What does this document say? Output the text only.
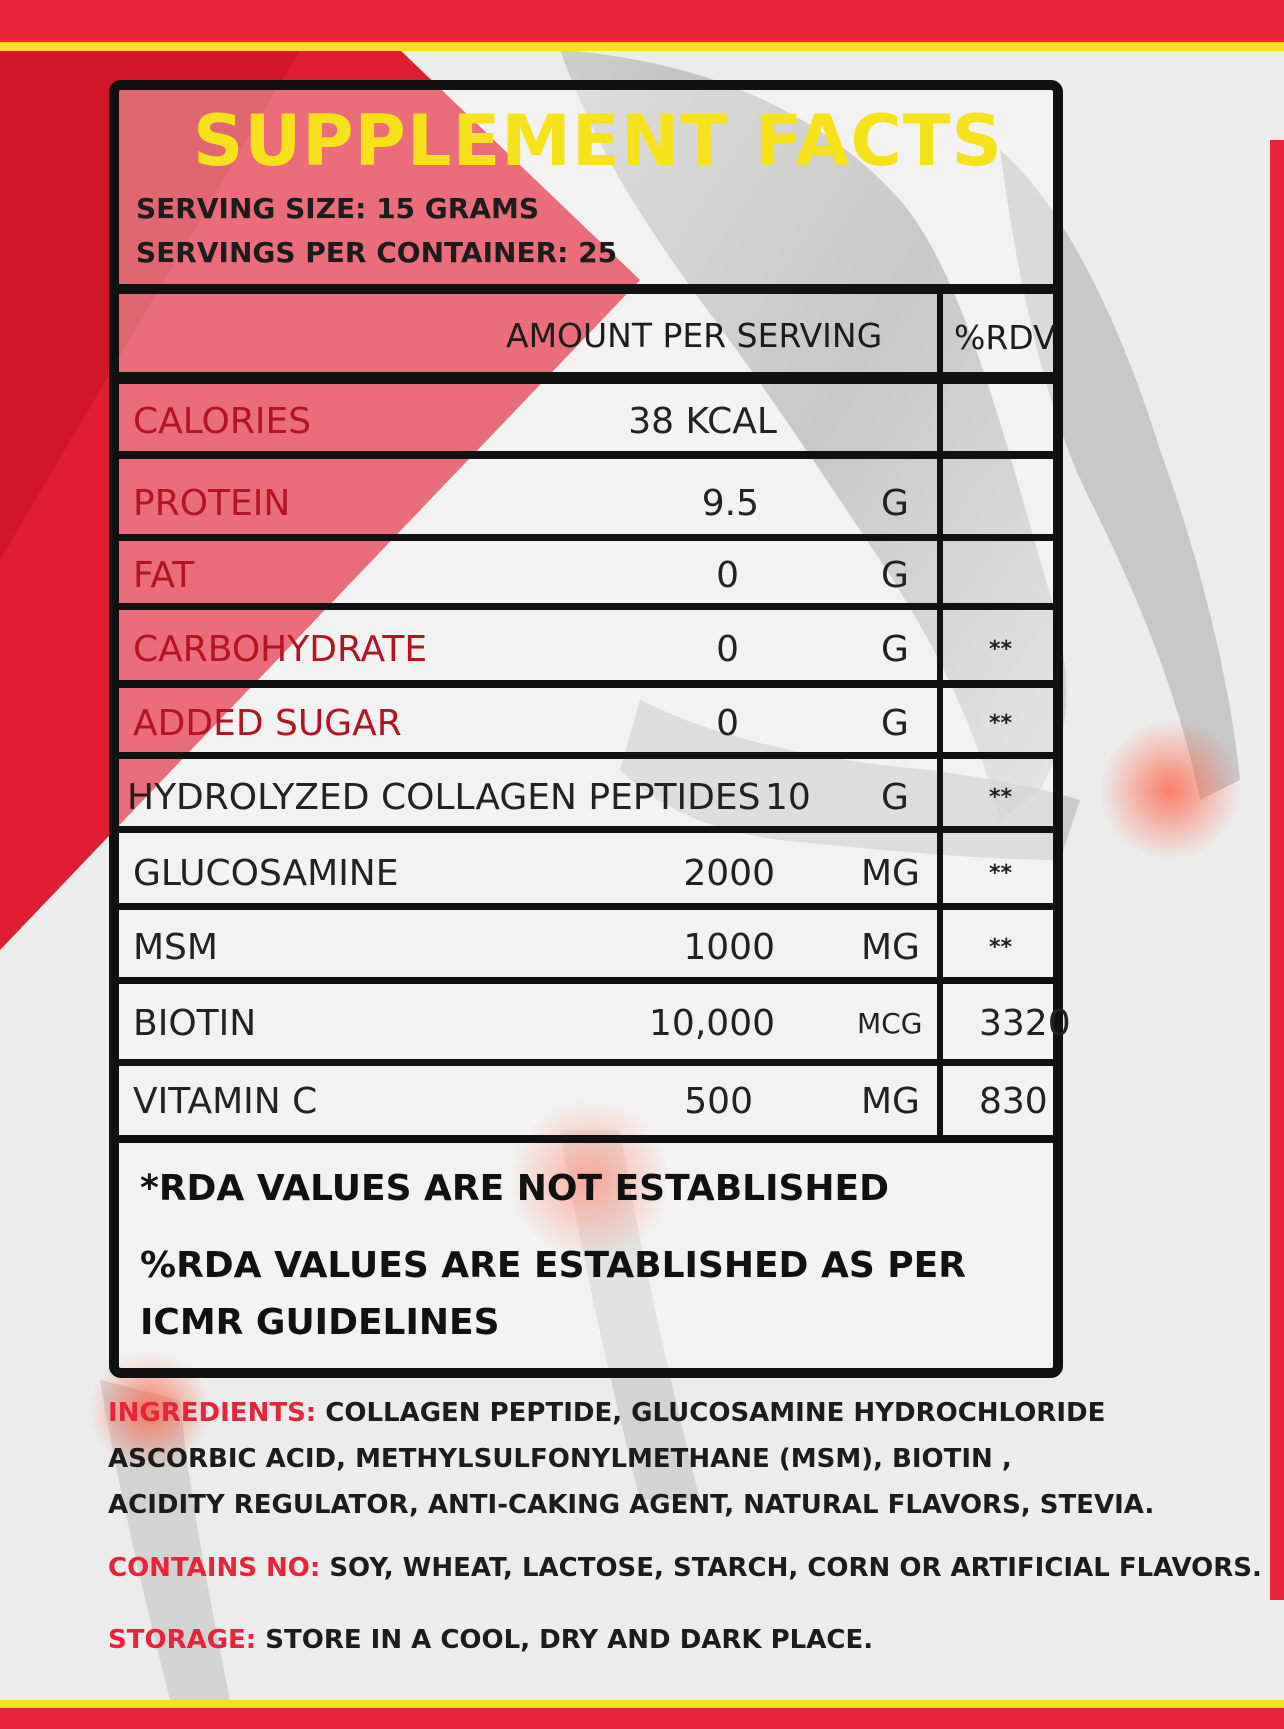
SUPPLEMENT FACTS
SERVING SIZE: 15 GRAMS
SERVINGS PER CONTAINER: 25
AMOUNT PER SERVING %RDV
CALORIES	38 KCAL
PROTEIN	9.5	G
FAT	0	G
CARBOHYDRATE	0	G	**
ADDED SUGAR	0	G	**
HYDROLYZED COLLAGEN PEPTIDES 10 G	**
GLUCOSAMINE	2000 MG	**
MSM	1000 MG	**
BIOTIN	10,000	MCG 3320
VITAMIN C	500	MG 830
*RDA VALUES ARE NOT ESTABLISHED
%RDA VALUES ARE ESTABLISHED AS PER
ICMR GUIDELINES
INGREDIENTS: COLLAGEN PEPTIDE, GLUCOSAMINE HYDROCHLORIDE
ASCORBIC ACID, METHYLSULFONYLMETHANE (MSM), BIOTIN ,
ACIDITY REGULATOR, ANTI-CAKING AGENT, NATURAL FLAVORS, STEVIA.
CONTAINS NO: SOY, WHEAT, LACTOSE, STARCH, CORN OR ARTIFICIAL FLAVORS.
STORAGE: STORE IN A COOL, DRY AND DARK PLACE.
